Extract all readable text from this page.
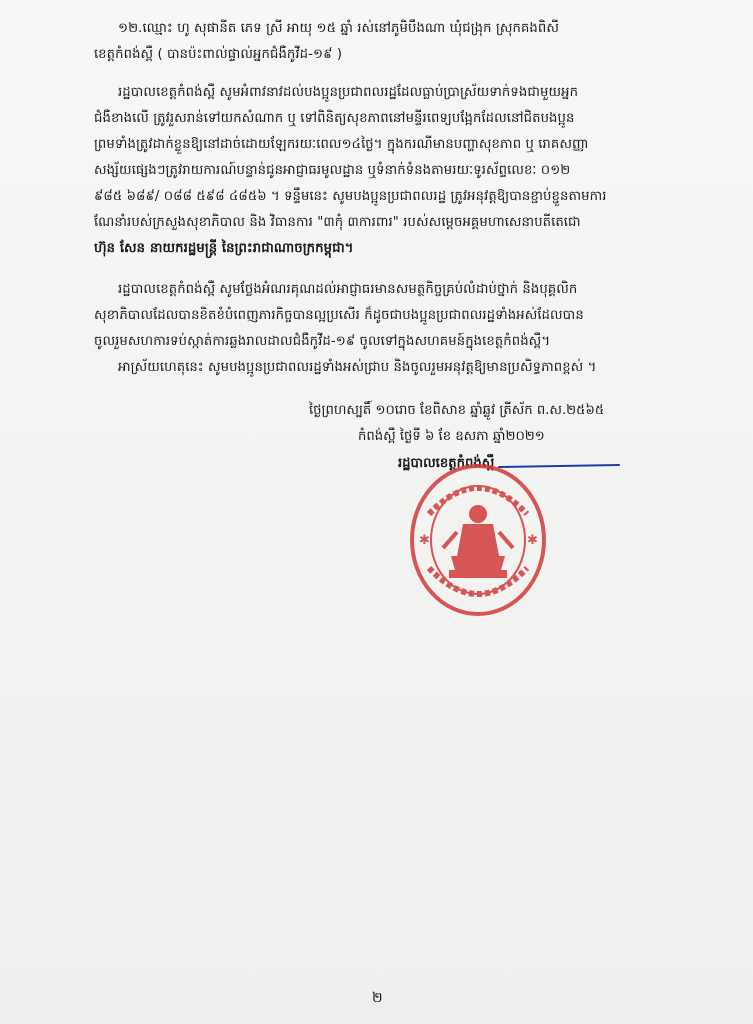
១២.ឈ្មោះ ហូ សុផានីត ភេទ ស្រី អាយុ ១៥ ឆ្នាំ រស់នៅភូមិបឹងណា ឃុំជង្រុក ស្រុកគងពិសី
ខេត្តកំពង់ស្ពឺ ( បានប៉ះពាល់ផ្ទាល់អ្នកជំងឺកូវីដ-១៩ )
រដ្ឋបាលខេត្តកំពង់ស្ពឺ សូមអំពាវនាវដល់បងប្អូនប្រជាពលរដ្ឋដែលធ្លាប់ប្រាស្រ័យទាក់ទងជាមួយអ្នក
ជំងឺខាងលើ ត្រូវរួសរាន់ទៅយកសំណាក ឬ ទៅពិនិត្យសុខភាពនៅមន្ទីរពេទ្យបង្អែកដែលនៅជិតបងប្អូន
ព្រមទាំងត្រូវដាក់ខ្លួនឱ្យនៅដាច់ដោយឡែករយៈពេល១៤ថ្ងៃ។ ក្នុងករណីមានបញ្ហាសុខភាព ឬ រោគសញ្ញា
សង្ស័យផ្សេងៗត្រូវរាយការណ៍បន្ទាន់ជូនអាជ្ញាធរមូលដ្ឋាន ឬទំនាក់ទំនងតាមរយៈទូរស័ព្ទលេខៈ ០១២
៩៨៥ ៦៨៩/ ០៨៨ ៥៩៨ ៤៨៥៦ ។ ទន្ទឹមនេះ សូមបងប្អូនប្រជាពលរដ្ឋ ត្រូវអនុវត្តឱ្យបានខ្ជាប់ខ្ជួនតាមការ
ណែនាំរបស់ក្រសួងសុខាភិបាល និង វិធានការ "៣កុំ ៣ការពារ" របស់សម្តេចអគ្គមហាសេនាបតីតេជោ
ហ៊ុន សែន នាយករដ្ឋមន្ត្រី នៃព្រះរាជាណាចក្រកម្ពុជា។
រដ្ឋបាលខេត្តកំពង់ស្ពឺ សូមថ្លែងអំណរគុណដល់អាជ្ញាធរមានសមត្ថកិច្ចគ្រប់លំដាប់ថ្នាក់ និងបុគ្គលិក
សុខាភិបាលដែលបានខិតខំបំពេញភារកិច្ចបានល្អប្រសើរ ក៏ដូចជាបងប្អូនប្រជាពលរដ្ឋទាំងអស់ដែលបាន
ចូលរួមសហការទប់ស្កាត់ការឆ្លងរាលដាលជំងឺកូវីដ-១៩ ចូលទៅក្នុងសហគមន៍ក្នុងខេត្តកំពង់ស្ពឺ។
អាស្រ័យហេតុនេះ សូមបងប្អូនប្រជាពលរដ្ឋទាំងអស់ជ្រាប និងចូលរួមអនុវត្តឱ្យមានប្រសិទ្ធភាពខ្ពស់ ។
ថ្ងៃព្រហស្បតិ៍ ១០រោច ខែពិសាខ ឆ្នាំឆ្លូវ ត្រីស័ក ព.ស.២៥៦៥
កំពង់ស្ពឺ ថ្ងៃទី ៦ ខែ ឧសភា ឆ្នាំ២០២១
រដ្ឋបាលខេត្តកំពង់ស្ពឺ
✱	✱
២
